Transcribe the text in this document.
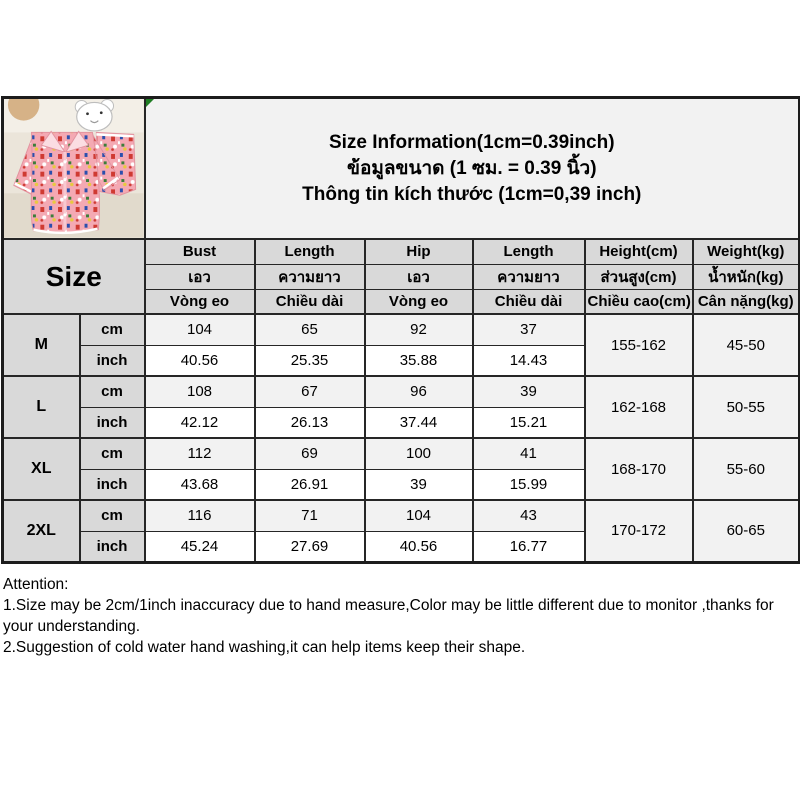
Size Information(1cm=0.39inch)
ข้อมูลขนาด (1 ซม. = 0.39 นิ้ว)
Thông tin kích thước (1cm=0,39 inch)					

Size		Bust	Length	Hip	Length	Height(cm)	Weight(kg)
		เอว	ความยาว	เอว	ความยาว	ส่วนสูง(cm)	น้ำหนัก(kg)
		Vòng eo	Chiều dài	Vòng eo	Chiều dài	Chiều cao(cm)	Cân nặng(kg)
M	cm	104	65	92	37	155-162	45-50
	inch	40.56	25.35	35.88	14.43		
L	cm	108	67	96	39	162-168	50-55
	inch	42.12	26.13	37.44	15.21		
XL	cm	112	69	100	41	168-170	55-60
	inch	43.68	26.91	39	15.99		
2XL	cm	116	71	104	43	170-172	60-65
	inch	45.24	27.69	40.56	16.77		
Attention:
1.Size may be 2cm/1inch inaccuracy due to hand measure,Color may be little different due to monitor ,thanks for your understanding.
2.Suggestion of cold water hand washing,it can help items keep their shape.
